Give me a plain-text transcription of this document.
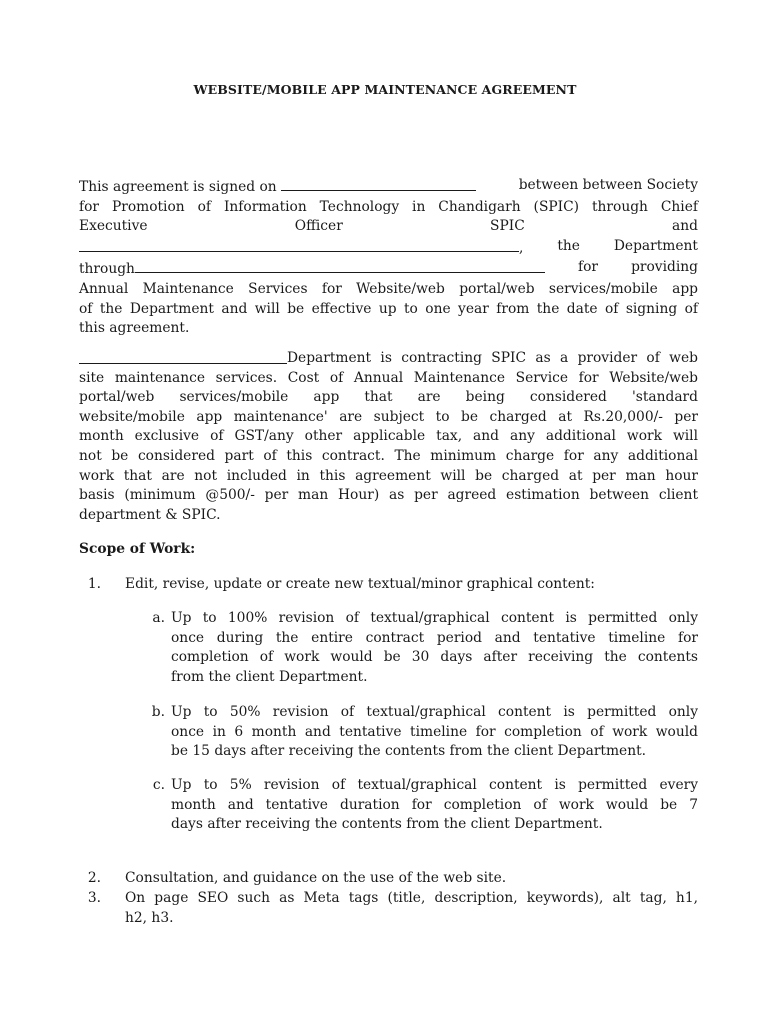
WEBSITE/MOBILE APP MAINTENANCE AGREEMENT
This agreement is signed on	between between Society
for Promotion of Information Technology in Chandigarh (SPIC) through Chief
Executive	Officer	SPIC	and
, the Department
through	for providing
Annual Maintenance Services for Website/web portal/web services/mobile app
of the Department and will be effective up to one year from the date of signing of
this agreement.
Department is contracting SPIC as a provider of web
site maintenance services. Cost of Annual Maintenance Service for Website/web
portal/web services/mobile app that are being considered 'standard
website/mobile app maintenance' are subject to be charged at Rs.20,000/- per
month exclusive of GST/any other applicable tax, and any additional work will
not be considered part of this contract. The minimum charge for any additional
work that are not included in this agreement will be charged at per man hour
basis (minimum @500/- per man Hour) as per agreed estimation between client
department & SPIC.
Scope of Work:
1. Edit, revise, update or create new textual/minor graphical content:
a. Up to 100% revision of textual/graphical content is permitted only
once during the entire contract period and tentative timeline for
completion of work would be 30 days after receiving the contents
from the client Department.
b. Up to 50% revision of textual/graphical content is permitted only
once in 6 month and tentative timeline for completion of work would
be 15 days after receiving the contents from the client Department.
c. Up to 5% revision of textual/graphical content is permitted every
month and tentative duration for completion of work would be 7
days after receiving the contents from the client Department.
2. Consultation, and guidance on the use of the web site.
3. On page SEO such as Meta tags (title, description, keywords), alt tag, h1,
h2, h3.
